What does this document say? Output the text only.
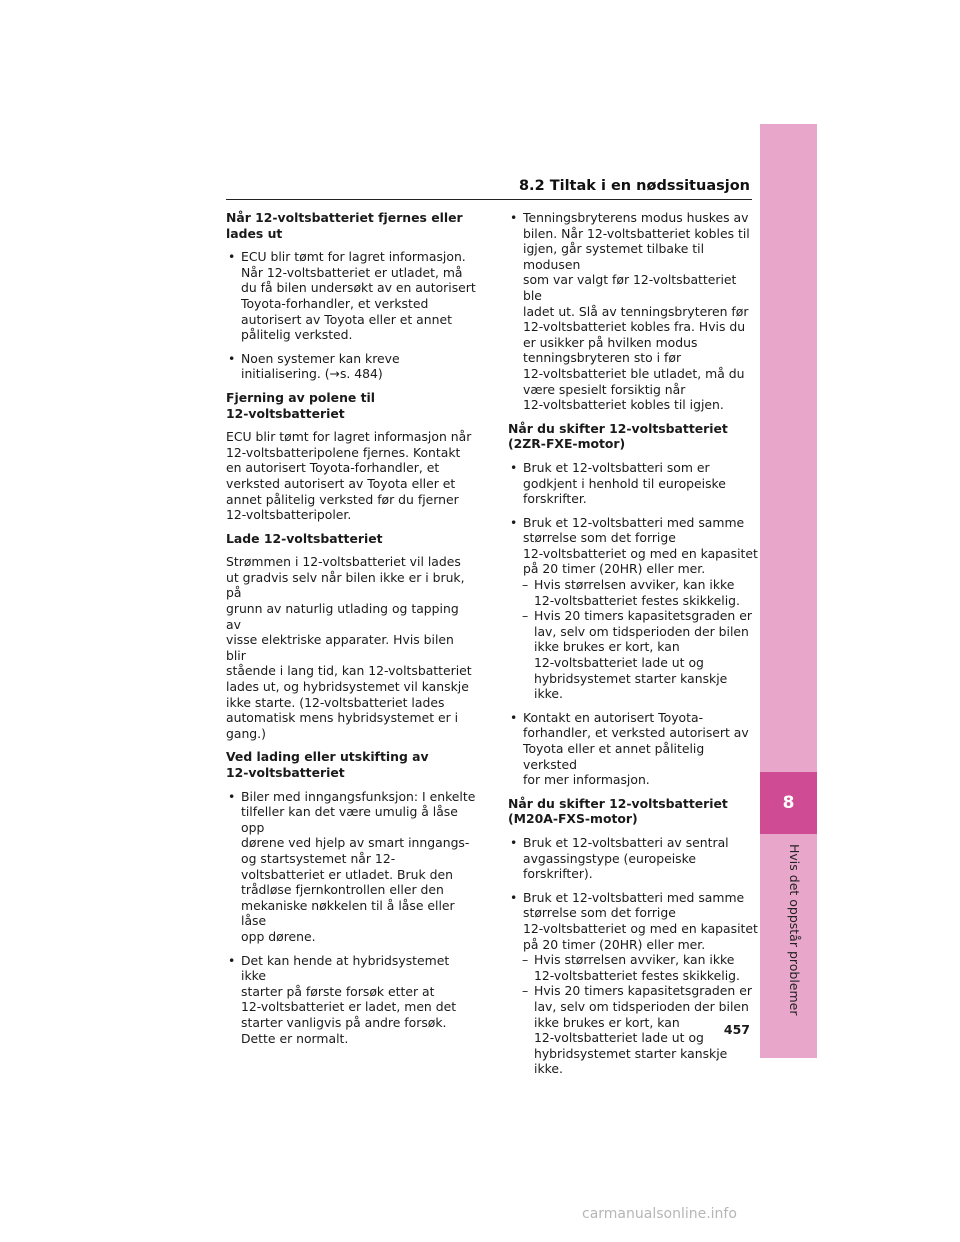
8.2 Tiltak i en nødssituasjon
8
Hvis det oppstår problemer
Når 12-voltsbatteriet fjernes eller
lades ut
• ECU blir tømt for lagret informasjon.
Når 12-voltsbatteriet er utladet, må
du få bilen undersøkt av en autorisert
Toyota-forhandler, et verksted
autorisert av Toyota eller et annet
pålitelig verksted.
• Noen systemer kan kreve
initialisering. (→s. 484)
Fjerning av polene til
12-voltsbatteriet
ECU blir tømt for lagret informasjon når
12-voltsbatteripolene fjernes. Kontakt
en autorisert Toyota-forhandler, et
verksted autorisert av Toyota eller et
annet pålitelig verksted før du fjerner
12-voltsbatteripoler.
Lade 12-voltsbatteriet
Strømmen i 12-voltsbatteriet vil lades
ut gradvis selv når bilen ikke er i bruk, på
grunn av naturlig utlading og tapping av
visse elektriske apparater. Hvis bilen blir
stående i lang tid, kan 12-voltsbatteriet
lades ut, og hybridsystemet vil kanskje
ikke starte. (12-voltsbatteriet lades
automatisk mens hybridsystemet er i
gang.)
Ved lading eller utskifting av
12-voltsbatteriet
• Biler med inngangsfunksjon: I enkelte
tilfeller kan det være umulig å låse opp
dørene ved hjelp av smart inngangs-
og startsystemet når 12-
voltsbatteriet er utladet. Bruk den
trådløse fjernkontrollen eller den
mekaniske nøkkelen til å låse eller låse
opp dørene.
• Det kan hende at hybridsystemet ikke
starter på første forsøk etter at
12-voltsbatteriet er ladet, men det
starter vanligvis på andre forsøk.
Dette er normalt.
• Tenningsbryterens modus huskes av
bilen. Når 12-voltsbatteriet kobles til
igjen, går systemet tilbake til modusen
som var valgt før 12-voltsbatteriet ble
ladet ut. Slå av tenningsbryteren før
12-voltsbatteriet kobles fra. Hvis du
er usikker på hvilken modus
tenningsbryteren sto i før
12-voltsbatteriet ble utladet, må du
være spesielt forsiktig når
12-voltsbatteriet kobles til igjen.
Når du skifter 12-voltsbatteriet
(2ZR-FXE-motor)
• Bruk et 12-voltsbatteri som er
godkjent i henhold til europeiske
forskrifter.
• Bruk et 12-voltsbatteri med samme
størrelse som det forrige
12-voltsbatteriet og med en kapasitet
på 20 timer (20HR) eller mer.
– Hvis størrelsen avviker, kan ikke
12-voltsbatteriet festes skikkelig.
– Hvis 20 timers kapasitetsgraden er
lav, selv om tidsperioden der bilen
ikke brukes er kort, kan
12-voltsbatteriet lade ut og
hybridsystemet starter kanskje ikke.
• Kontakt en autorisert Toyota-
forhandler, et verksted autorisert av
Toyota eller et annet pålitelig verksted
for mer informasjon.
Når du skifter 12-voltsbatteriet
(M20A-FXS-motor)
• Bruk et 12-voltsbatteri av sentral
avgassingstype (europeiske
forskrifter).
• Bruk et 12-voltsbatteri med samme
størrelse som det forrige
12-voltsbatteriet og med en kapasitet
på 20 timer (20HR) eller mer.
– Hvis størrelsen avviker, kan ikke
12-voltsbatteriet festes skikkelig.
– Hvis 20 timers kapasitetsgraden er
lav, selv om tidsperioden der bilen
ikke brukes er kort, kan
12-voltsbatteriet lade ut og
hybridsystemet starter kanskje ikke.
457
carmanualsonline.info
